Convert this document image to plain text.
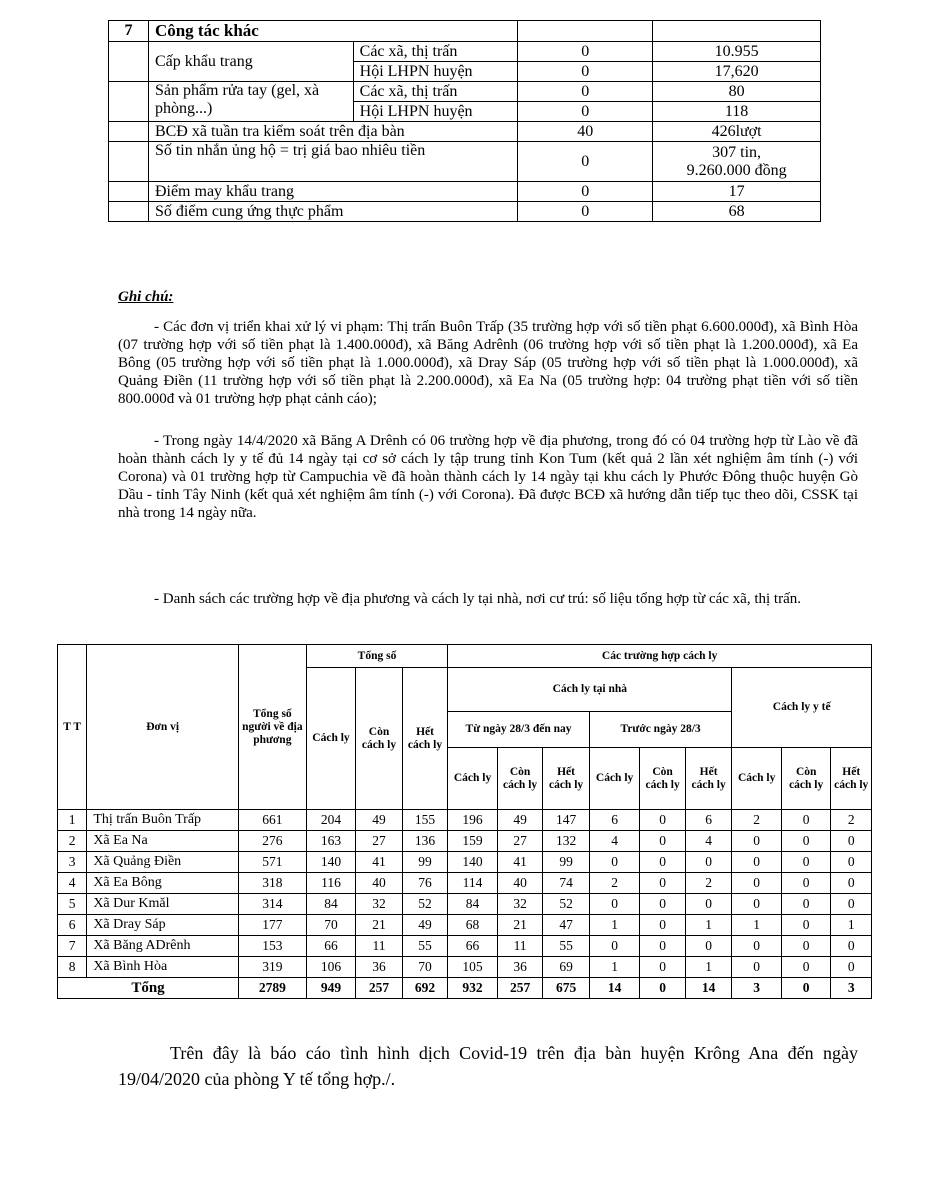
7	Công tác khác			
	Cấp khẩu trang	Các xã, thị trấn	0	10.955
		Hội LHPN huyện	0	17,620
	Sản phẩm rửa tay (gel, xà phòng...)	Các xã, thị trấn	0	80
		Hội LHPN huyện	0	118
	BCĐ xã tuần tra kiểm soát trên địa bàn		40	426lượt
	Số tin nhắn ủng hộ = trị giá bao nhiêu tiền		0	307 tin,
9.260.000 đồng

	Điểm may khẩu trang		0	17
	Số điểm cung ứng thực phẩm		0	68
Ghi chú:
- Các đơn vị triển khai xử lý vi phạm: Thị trấn Buôn Trấp (35 trường hợp với số tiền phạt 6.600.000đ), xã Bình Hòa (07 trường hợp với số tiền phạt là 1.400.000đ), xã Băng Adrênh (06 trường hợp với số tiền phạt là 1.200.000đ), xã Ea Bông (05 trường hợp với số tiền phạt là 1.000.000đ), xã Dray Sáp (05 trường hợp với số tiền phạt là 1.000.000đ), xã Quảng Điền (11 trường hợp với số tiền phạt là 2.200.000đ), xã Ea Na (05 trường hợp: 04 trường phạt tiền với số tiền 800.000đ và 01 trường hợp phạt cảnh cáo);
- Trong ngày 14/4/2020 xã Băng A Drênh có 06 trường hợp về địa phương, trong đó có 04 trường hợp từ Lào về đã hoàn thành cách ly y tế đủ 14 ngày tại cơ sở cách ly tập trung tỉnh Kon Tum (kết quả 2 lần xét nghiệm âm tính (-) với Corona) và 01 trường hợp từ Campuchia về đã hoàn thành cách ly 14 ngày tại khu cách ly Phước Đông thuộc huyện Gò Dầu - tỉnh Tây Ninh (kết quả xét nghiệm âm tính (-) với Corona). Đã được BCĐ xã hướng dẫn tiếp tục theo dõi, CSSK tại nhà trong 14 ngày nữa.
- Danh sách các trường hợp về địa phương và cách ly tại nhà, nơi cư trú: số liệu tổng hợp từ các xã, thị trấn.
T T	Đơn vị	Tổng số người về địa phương	Tổng số			Các trường hợp cách ly								
			Cách ly	Còn cách ly	Hết cách ly	Cách ly tại nhà						Cách ly y tế		
						Từ ngày 28/3 đến nay			Trước ngày 28/3					
						Cách ly	Còn cách ly	Hết cách ly	Cách ly	Còn cách ly	Hết cách ly	Cách ly	Còn cách ly	Hết cách ly
1	Thị trấn Buôn Trấp	661	204	49	155	196	49	147	6	0	6	2	0	2
2	Xã Ea Na	276	163	27	136	159	27	132	4	0	4	0	0	0
3	Xã Quảng Điền	571	140	41	99	140	41	99	0	0	0	0	0	0
4	Xã Ea Bông	318	116	40	76	114	40	74	2	0	2	0	0	0
5	Xã Dur Kmăl	314	84	32	52	84	32	52	0	0	0	0	0	0
6	Xã Dray Sáp	177	70	21	49	68	21	47	1	0	1	1	0	1
7	Xã Băng ADrênh	153	66	11	55	66	11	55	0	0	0	0	0	0
8	Xã Bình Hòa	319	106	36	70	105	36	69	1	0	1	0	0	0
Tổng		2789	949	257	692	932	257	675	14	0	14	3	0	3
Trên đây là báo cáo tình hình dịch Covid-19 trên địa bàn huyện Krông Ana đến ngày 19/04/2020 của phòng Y tế tổng hợp./.
